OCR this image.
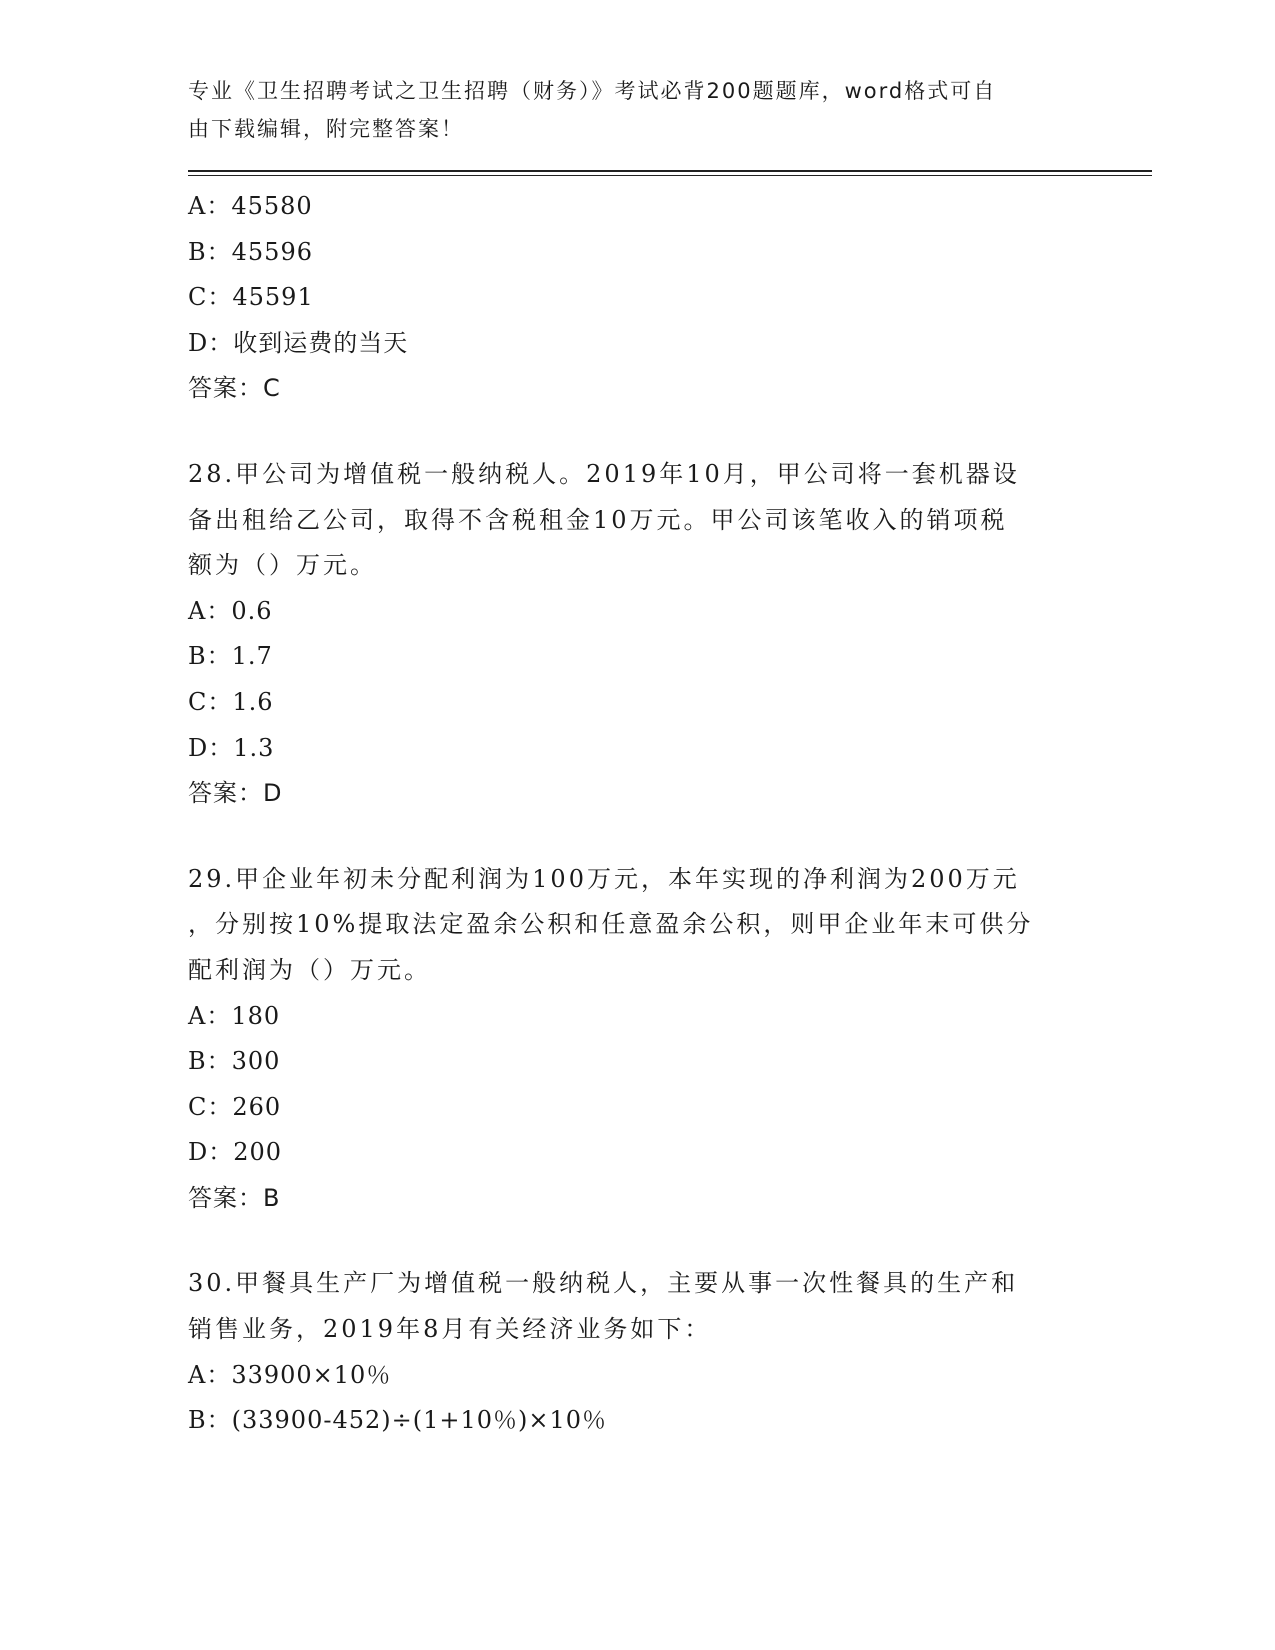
专业《卫生招聘考试之卫生招聘（财务）》考试必背200题题库，word格式可自
由下载编辑，附完整答案！
A：45580
B：45596
C：45591
D：收到运费的当天
答案：C
28.甲公司为增值税一般纳税人。2019年10月，甲公司将一套机器设
备出租给乙公司，取得不含税租金10万元。甲公司该笔收入的销项税
额为（）万元。
A：0.6
B：1.7
C：1.6
D：1.3
答案：D
29.甲企业年初未分配利润为100万元，本年实现的净利润为200万元
，分别按10%提取法定盈余公积和任意盈余公积，则甲企业年末可供分
配利润为（）万元。
A：180
B：300
C：260
D：200
答案：B
30.甲餐具生产厂为增值税一般纳税人，主要从事一次性餐具的生产和
销售业务，2019年8月有关经济业务如下：
A：33900×10％
B：(33900-452)÷(1+10％)×10％
